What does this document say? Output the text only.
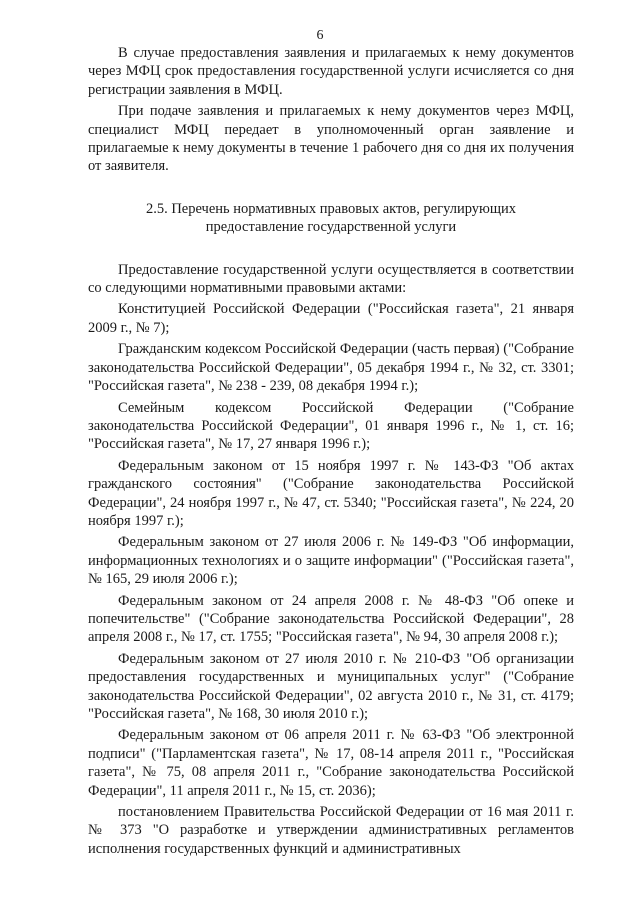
6

В случае предоставления заявления и прилагаемых к нему документов через МФЦ срок предоставления государственной услуги исчисляется со дня регистрации заявления в МФЦ.

При подаче заявления и прилагаемых к нему документов через МФЦ, специалист МФЦ передает в уполномоченный орган заявление и прилагаемые к нему документы в течение 1 рабочего дня со дня их получения от заявителя.

2.5. Перечень нормативных правовых актов, регулирующих
предоставление государственной услуги

Предоставление государственной услуги осуществляется в соответствии со следующими нормативными правовыми актами:

Конституцией Российской Федерации ("Российская газета", 21 января 2009 г., № 7);

Гражданским кодексом Российской Федерации (часть первая) ("Собрание законодательства Российской Федерации", 05 декабря 1994 г., № 32, ст. 3301; "Российская газета", № 238 - 239, 08 декабря 1994 г.);

Семейным кодексом Российской Федерации ("Собрание законодательства Российской Федерации", 01 января 1996 г., № 1, ст. 16; "Российская газета", № 17, 27 января 1996 г.);

Федеральным законом от 15 ноября 1997 г. № 143-ФЗ "Об актах гражданского состояния" ("Собрание законодательства Российской Федерации", 24 ноября 1997 г., № 47, ст. 5340; "Российская газета", № 224, 20 ноября 1997 г.);

Федеральным законом от 27 июля 2006 г. № 149-ФЗ "Об информации, информационных технологиях и о защите информации" ("Российская газета", № 165, 29 июля 2006 г.);

Федеральным законом от 24 апреля 2008 г. № 48-ФЗ "Об опеке и попечительстве" ("Собрание законодательства Российской Федерации", 28 апреля 2008 г., № 17, ст. 1755; "Российская газета", № 94, 30 апреля 2008 г.);

Федеральным законом от 27 июля 2010 г. № 210-ФЗ "Об организации предоставления государственных и муниципальных услуг" ("Собрание законодательства Российской Федерации", 02 августа 2010 г., № 31, ст. 4179; "Российская газета", № 168, 30 июля 2010 г.);

Федеральным законом от 06 апреля 2011 г. № 63-ФЗ "Об электронной подписи" ("Парламентская газета", № 17, 08-14 апреля 2011 г., "Российская газета", № 75, 08 апреля 2011 г., "Собрание законодательства Российской Федерации", 11 апреля 2011 г., № 15, ст. 2036);

постановлением Правительства Российской Федерации от 16 мая 2011 г. № 373 "О разработке и утверждении административных регламентов исполнения государственных функций и административных
